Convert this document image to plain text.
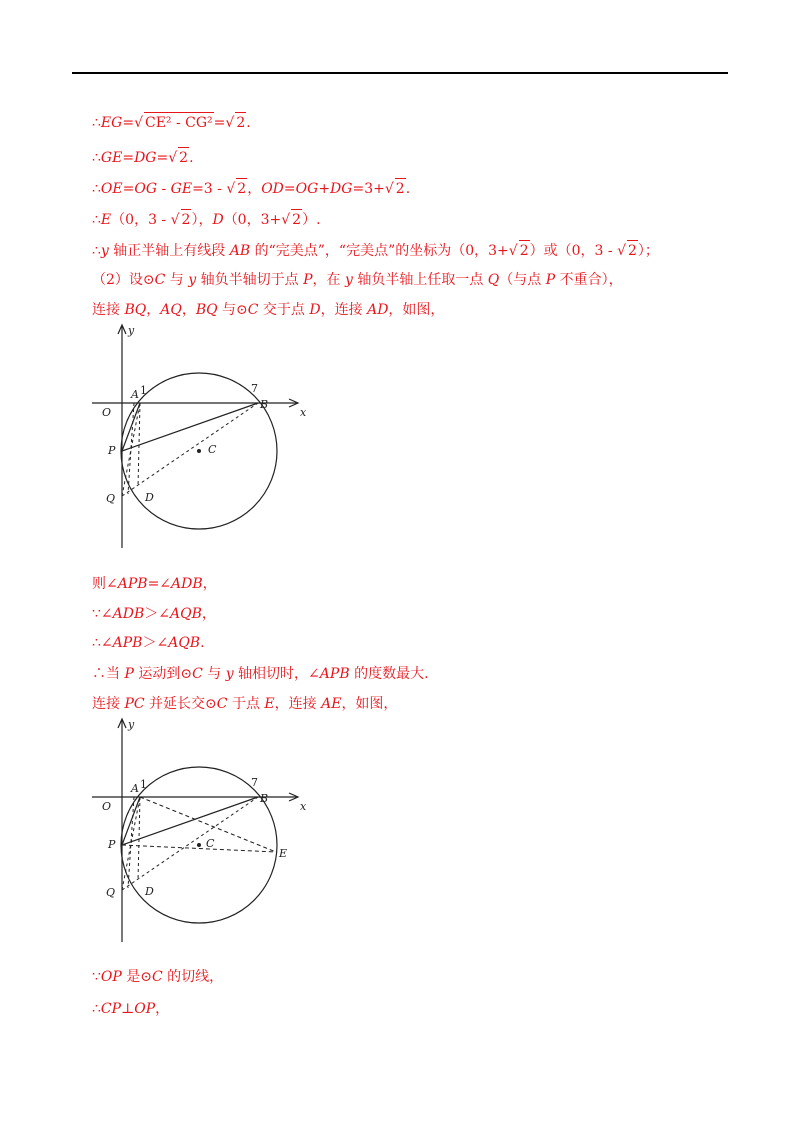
∴EG=√ CE² - CG²=√ 2.
∴GE=DG=√ 2.
∴OE=OG - GE=3 - √ 2，OD=OG+DG=3+√ 2.
∴E（0，3 - √ 2），D（0，3+√ 2）.
∴y 轴正半轴上有线段 AB 的“完美点”，“完美点”的坐标为（0，3+√ 2）或（0，3 - √ 2）；
（2）设⊙C 与 y 轴负半轴切于点 P，在 y 轴负半轴上任取一点 Q（与点 P 不重合），
连接 BQ，AQ，BQ 与⊙C 交于点 D，连接 AD，如图，
y
x
O
A 1	7
B
P	C
Q	D
则∠APB=∠ADB，
∵∠ADB＞∠AQB，
∴∠APB＞∠AQB.
∴当 P 运动到⊙C 与 y 轴相切时，∠APB 的度数最大.
连接 PC 并延长交⊙C 于点 E，连接 AE，如图，
y
x
O
A 1	7
B
P	C
Q	D
E
∵OP 是⊙C 的切线，
∴CP⊥OP，
